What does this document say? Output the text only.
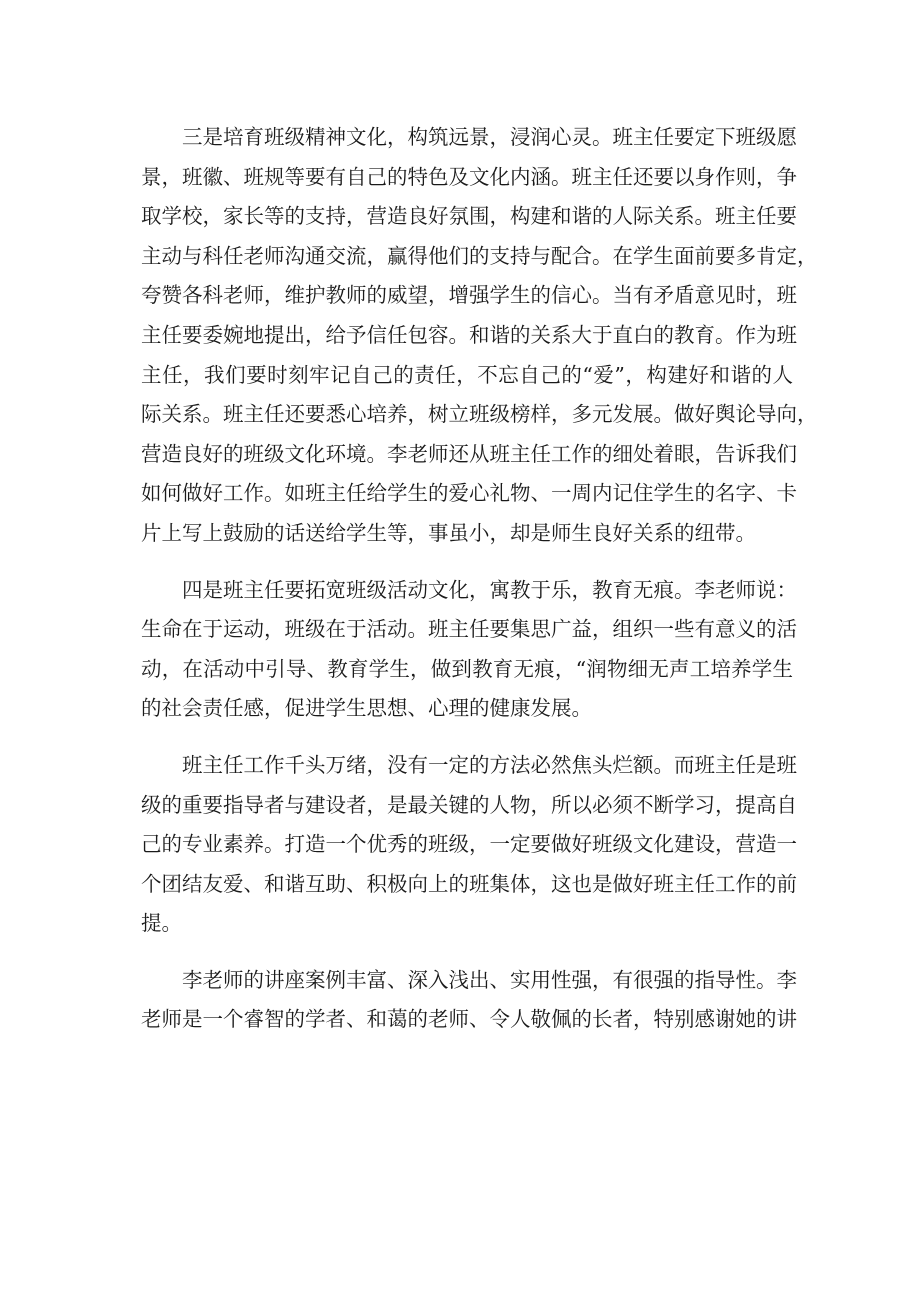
三是培育班级精神文化，构筑远景，浸润心灵。班主任要定下班级愿
景，班徽、班规等要有自己的特色及文化内涵。班主任还要以身作则，争
取学校，家长等的支持，营造良好氛围，构建和谐的人际关系。班主任要
主动与科任老师沟通交流，赢得他们的支持与配合。在学生面前要多肯定，
夸赞各科老师，维护教师的威望，增强学生的信心。当有矛盾意见时，班
主任要委婉地提出，给予信任包容。和谐的关系大于直白的教育。作为班
主任，我们要时刻牢记自己的责任，不忘自己的“爱”，构建好和谐的人
际关系。班主任还要悉心培养，树立班级榜样，多元发展。做好舆论导向，
营造良好的班级文化环境。李老师还从班主任工作的细处着眼，告诉我们
如何做好工作。如班主任给学生的爱心礼物、一周内记住学生的名字、卡
片上写上鼓励的话送给学生等，事虽小，却是师生良好关系的纽带。
四是班主任要拓宽班级活动文化，寓教于乐，教育无痕。李老师说：
生命在于运动，班级在于活动。班主任要集思广益，组织一些有意义的活
动，在活动中引导、教育学生，做到教育无痕，“润物细无声工培养学生
的社会责任感，促进学生思想、心理的健康发展。
班主任工作千头万绪，没有一定的方法必然焦头烂额。而班主任是班
级的重要指导者与建设者，是最关键的人物，所以必须不断学习，提高自
己的专业素养。打造一个优秀的班级，一定要做好班级文化建设，营造一
个团结友爱、和谐互助、积极向上的班集体，这也是做好班主任工作的前
提。
李老师的讲座案例丰富、深入浅出、实用性强，有很强的指导性。李
老师是一个睿智的学者、和蔼的老师、令人敬佩的长者，特别感谢她的讲
